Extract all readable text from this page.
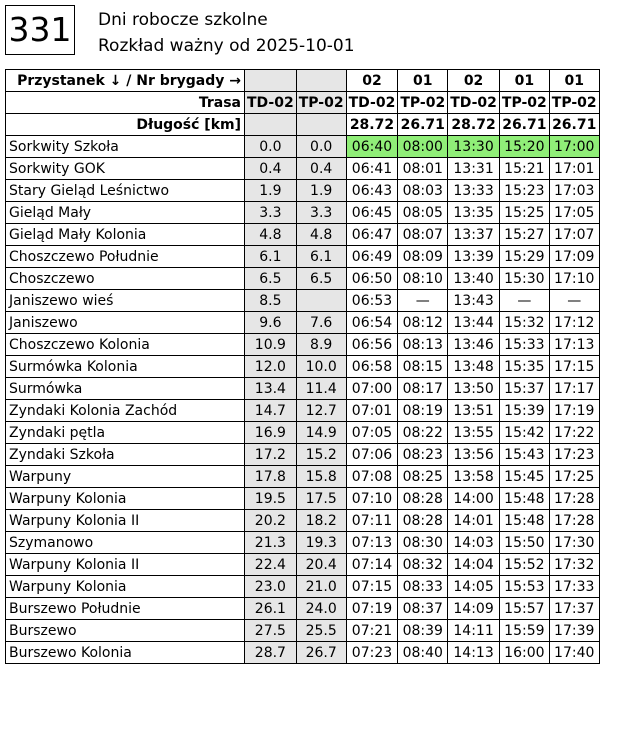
331 Dni robocze szkolne
Rozkład ważny od 2025-10-01
Przystanek ↓ / Nr brygady →			02	01	02	01	01
Trasa	TD-02	TP-02	TD-02	TP-02	TD-02	TP-02	TP-02
Długość [km]			28.72	26.71	28.72	26.71	26.71
Sorkwity Szkoła	0.0	0.0	06:40	08:00	13:30	15:20	17:00
Sorkwity GOK	0.4	0.4	06:41	08:01	13:31	15:21	17:01
Stary Gieląd Leśnictwo	1.9	1.9	06:43	08:03	13:33	15:23	17:03
Gieląd Mały	3.3	3.3	06:45	08:05	13:35	15:25	17:05
Gieląd Mały Kolonia	4.8	4.8	06:47	08:07	13:37	15:27	17:07
Choszczewo Południe	6.1	6.1	06:49	08:09	13:39	15:29	17:09
Choszczewo	6.5	6.5	06:50	08:10	13:40	15:30	17:10
Janiszewo wieś	8.5		06:53	—	13:43	—	—
Janiszewo	9.6	7.6	06:54	08:12	13:44	15:32	17:12
Choszczewo Kolonia	10.9	8.9	06:56	08:13	13:46	15:33	17:13
Surmówka Kolonia	12.0	10.0	06:58	08:15	13:48	15:35	17:15
Surmówka	13.4	11.4	07:00	08:17	13:50	15:37	17:17
Zyndaki Kolonia Zachód	14.7	12.7	07:01	08:19	13:51	15:39	17:19
Zyndaki pętla	16.9	14.9	07:05	08:22	13:55	15:42	17:22
Zyndaki Szkoła	17.2	15.2	07:06	08:23	13:56	15:43	17:23
Warpuny	17.8	15.8	07:08	08:25	13:58	15:45	17:25
Warpuny Kolonia	19.5	17.5	07:10	08:28	14:00	15:48	17:28
Warpuny Kolonia II	20.2	18.2	07:11	08:28	14:01	15:48	17:28
Szymanowo	21.3	19.3	07:13	08:30	14:03	15:50	17:30
Warpuny Kolonia II	22.4	20.4	07:14	08:32	14:04	15:52	17:32
Warpuny Kolonia	23.0	21.0	07:15	08:33	14:05	15:53	17:33
Burszewo Południe	26.1	24.0	07:19	08:37	14:09	15:57	17:37
Burszewo	27.5	25.5	07:21	08:39	14:11	15:59	17:39
Burszewo Kolonia	28.7	26.7	07:23	08:40	14:13	16:00	17:40
